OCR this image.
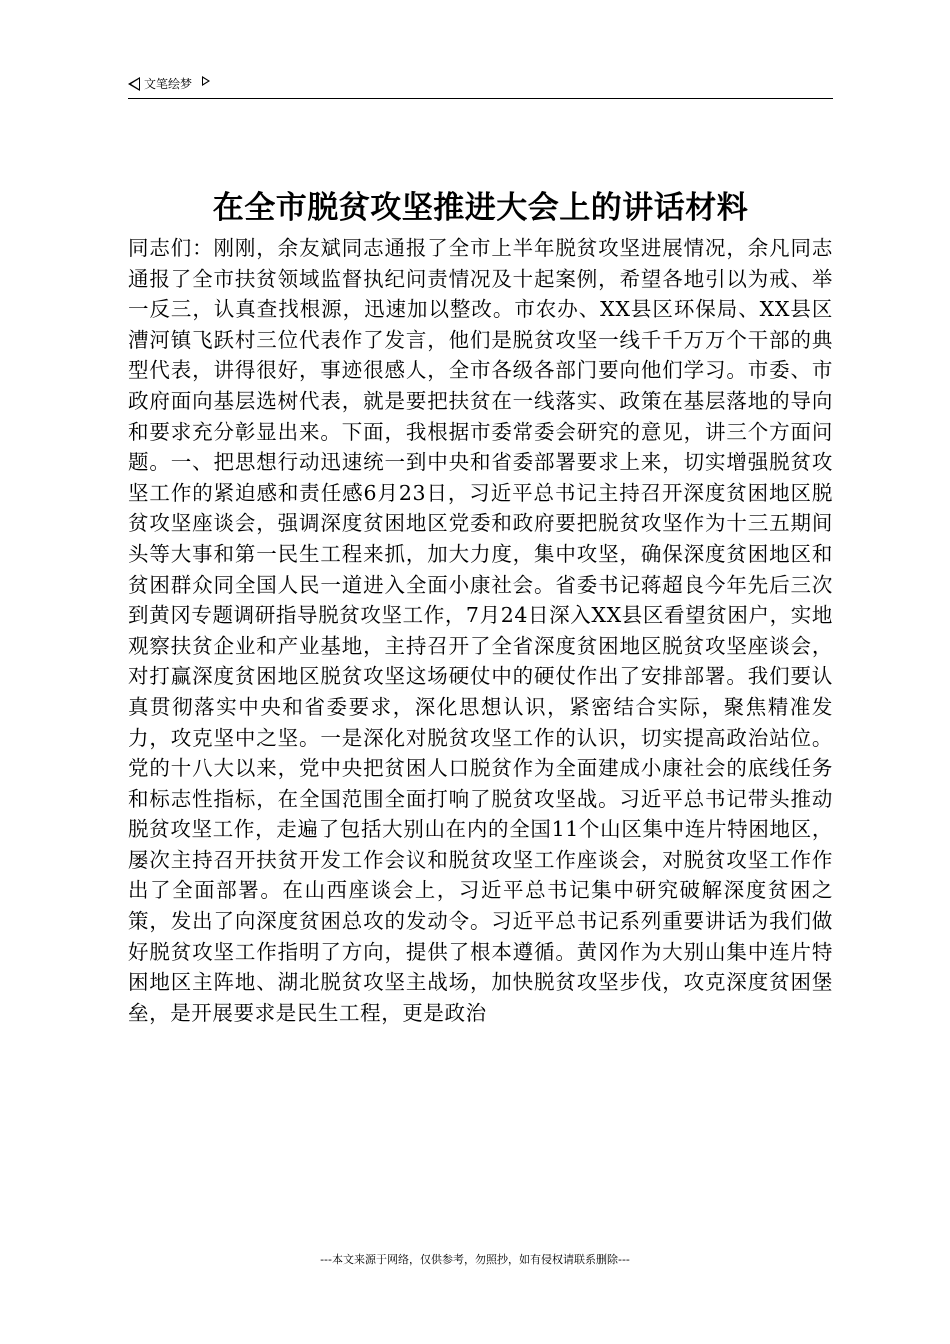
文笔绘梦
在全市脱贫攻坚推进大会上的讲话材料

同志们：刚刚，余友斌同志通报了全市上半年脱贫攻坚进展情况，余凡同志通报了全市扶贫领域监督执纪问责情况及十起案例，希望各地引以为戒、举一反三，认真查找根源，迅速加以整改。市农办、XX县区环保局、XX县区漕河镇飞跃村三位代表作了发言，他们是脱贫攻坚一线千千万万个干部的典型代表，讲得很好，事迹很感人，全市各级各部门要向他们学习。市委、市政府面向基层选树代表，就是要把扶贫在一线落实、政策在基层落地的导向和要求充分彰显出来。下面，我根据市委常委会研究的意见，讲三个方面问题。一、把思想行动迅速统一到中央和省委部署要求上来，切实增强脱贫攻坚工作的紧迫感和责任感6月23日，习近平总书记主持召开深度贫困地区脱贫攻坚座谈会，强调深度贫困地区党委和政府要把脱贫攻坚作为十三五期间头等大事和第一民生工程来抓，加大力度，集中攻坚，确保深度贫困地区和贫困群众同全国人民一道进入全面小康社会。省委书记蒋超良今年先后三次到黄冈专题调研指导脱贫攻坚工作，7月24日深入XX县区看望贫困户，实地观察扶贫企业和产业基地，主持召开了全省深度贫困地区脱贫攻坚座谈会，对打赢深度贫困地区脱贫攻坚这场硬仗中的硬仗作出了安排部署。我们要认真贯彻落实中央和省委要求，深化思想认识，紧密结合实际，聚焦精准发力，攻克坚中之坚。一是深化对脱贫攻坚工作的认识，切实提高政治站位。党的十八大以来，党中央把贫困人口脱贫作为全面建成小康社会的底线任务和标志性指标，在全国范围全面打响了脱贫攻坚战。习近平总书记带头推动脱贫攻坚工作，走遍了包括大别山在内的全国11个山区集中连片特困地区，屡次主持召开扶贫开发工作会议和脱贫攻坚工作座谈会，对脱贫攻坚工作作出了全面部署。在山西座谈会上，习近平总书记集中研究破解深度贫困之策，发出了向深度贫困总攻的发动令。习近平总书记系列重要讲话为我们做好脱贫攻坚工作指明了方向，提供了根本遵循。黄冈作为大别山集中连片特困地区主阵地、湖北脱贫攻坚主战场，加快脱贫攻坚步伐，攻克深度贫困堡垒，是开展要求是民生工程，更是政治

---本文来源于网络，仅供参考，勿照抄，如有侵权请联系删除---
